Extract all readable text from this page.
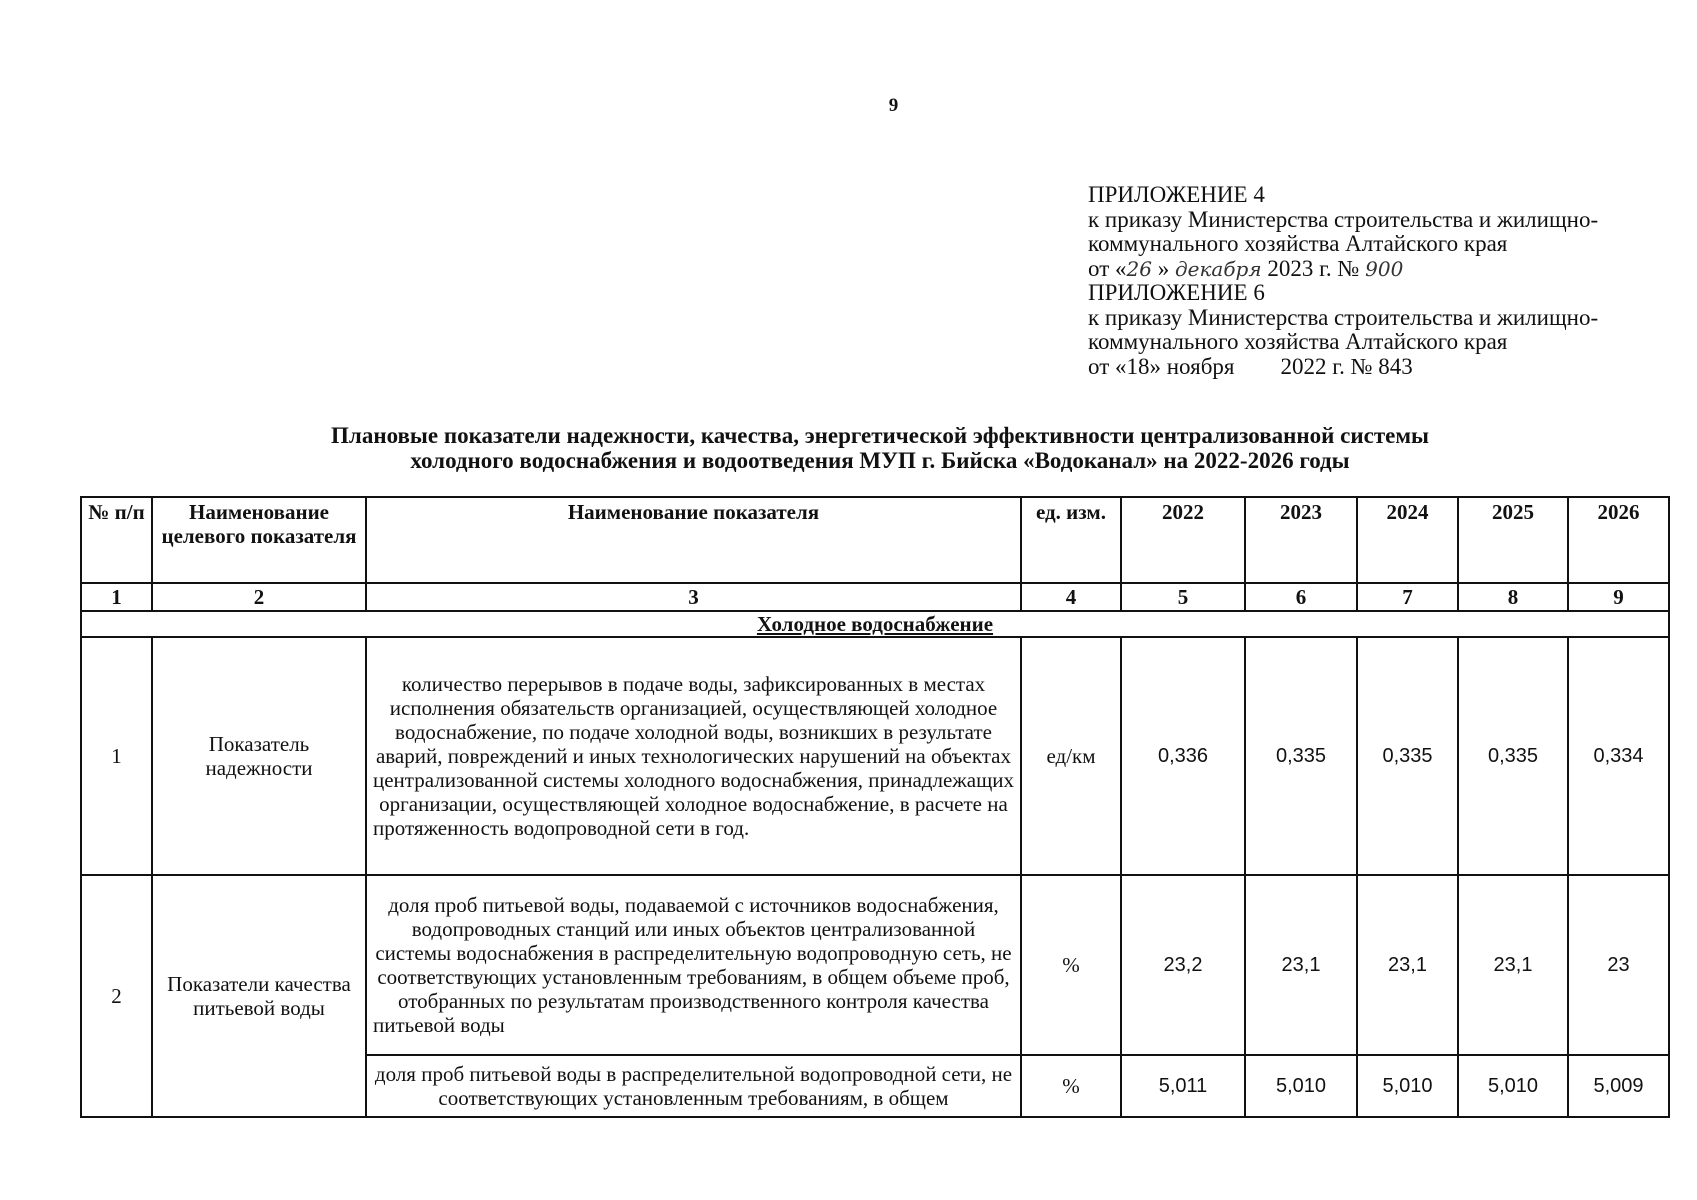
9
ПРИЛОЖЕНИЕ 4
к приказу Министерства строительства и жилищно-
коммунального хозяйства Алтайского края
от «26 » декабря 2023 г. № 900
ПРИЛОЖЕНИЕ 6
к приказу Министерства строительства и жилищно-
коммунального хозяйства Алтайского края
от «18» ноября        2022 г. № 843
Плановые показатели надежности, качества, энергетической эффективности централизованной системы
холодного водоснабжения и водоотведения МУП г. Бийска «Водоканал» на 2022-2026 годы
№ п/п	Наименование целевого показателя	Наименование показателя	ед. изм.	2022	2023	2024	2025	2026
1	2	3	4	5	6	7	8	9
Холодное водоснабжение								
1	Показатель надежности	количество перерывов в подаче воды, зафиксированных в местах исполнения обязательств организацией, осуществляющей холодное водоснабжение, по подаче холодной воды, возникших в результате аварий, повреждений и иных технологических нарушений на объектах централизованной системы холодного водоснабжения, принадлежащих организации, осуществляющей холодное водоснабжение, в расчете на протяженность водопроводной сети в год.	ед/км	0,336	0,335	0,335	0,335	0,334
2	Показатели качества питьевой воды	доля проб питьевой воды, подаваемой с источников водоснабжения, водопроводных станций или иных объектов централизованной системы водоснабжения в распределительную водопроводную сеть, не соответствующих установленным требованиям, в общем объеме проб, отобранных по результатам производственного контроля качества питьевой воды	%	23,2	23,1	23,1	23,1	23
		доля проб питьевой воды в распределительной водопроводной сети, не соответствующих установленным требованиям, в общем	%	5,011	5,010	5,010	5,010	5,009
